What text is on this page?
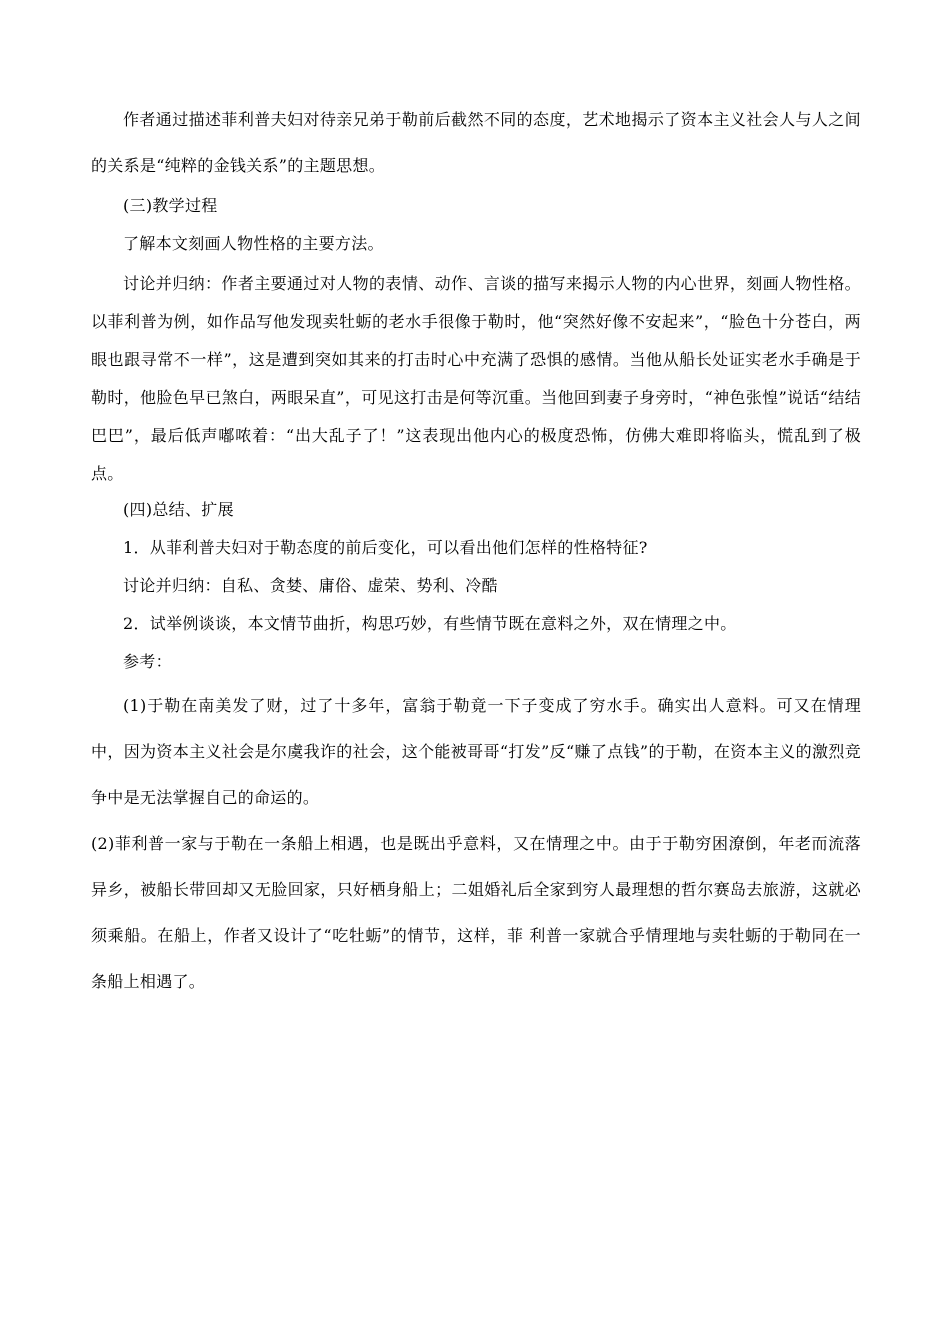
作者通过描述菲利普夫妇对待亲兄弟于勒前后截然不同的态度，艺术地揭示了资本主义社会人与人之间的关系是“纯粹的金钱关系”的主题思想。

(三)教学过程

了解本文刻画人物性格的主要方法。

讨论并归纳：作者主要通过对人物的表情、动作、言谈的描写来揭示人物的内心世界，刻画人物性格。以菲利普为例，如作品写他发现卖牡蛎的老水手很像于勒时，他“突然好像不安起来”，“脸色十分苍白，两眼也跟寻常不一样”，这是遭到突如其来的打击时心中充满了恐惧的感情。当他从船长处证实老水手确是于勒时，他脸色早已煞白，两眼呆直”，可见这打击是何等沉重。当他回到妻子身旁时，“神色张惶”说话“结结巴巴”，最后低声嘟哝着：“出大乱子了！”这表现出他内心的极度恐怖，仿佛大难即将临头，慌乱到了极点。

(四)总结、扩展

1．从菲利普夫妇对于勒态度的前后变化，可以看出他们怎样的性格特征?

讨论并归纳：自私、贪婪、庸俗、虚荣、势利、冷酷

2．试举例谈谈，本文情节曲折，构思巧妙，有些情节既在意料之外，双在情理之中。

参考：

(1)于勒在南美发了财，过了十多年，富翁于勒竟一下子变成了穷水手。确实出人意料。可又在情理中，因为资本主义社会是尔虞我诈的社会，这个能被哥哥“打发”反“赚了点钱”的于勒，在资本主义的激烈竞争中是无法掌握自己的命运的。

(2)菲利普一家与于勒在一条船上相遇，也是既出乎意料，又在情理之中。由于于勒穷困潦倒，年老而流落异乡，被船长带回却又无脸回家，只好栖身船上；二姐婚礼后全家到穷人最理想的哲尔赛岛去旅游，这就必须乘船。在船上，作者又设计了“吃牡蛎”的情节，这样，菲 利普一家就合乎情理地与卖牡蛎的于勒同在一条船上相遇了。
